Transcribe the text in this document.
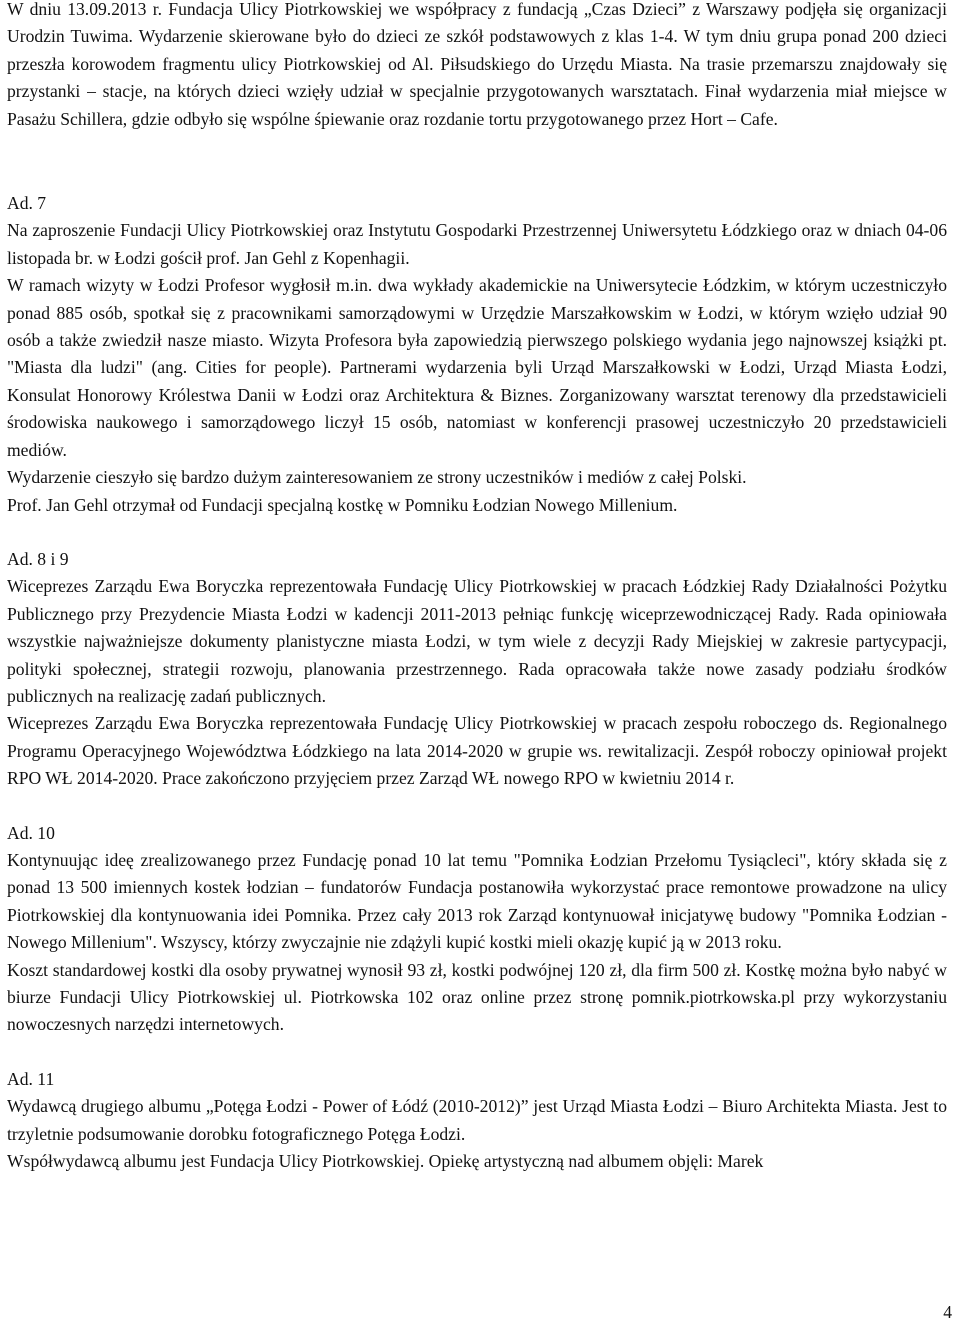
W dniu 13.09.2013 r. Fundacja Ulicy Piotrkowskiej we współpracy z fundacją „Czas Dzieci” z Warszawy podjęła się organizacji Urodzin Tuwima. Wydarzenie skierowane było do dzieci ze szkół podstawowych z klas 1-4. W tym dniu grupa ponad 200 dzieci przeszła korowodem fragmentu ulicy Piotrkowskiej od Al. Piłsudskiego do Urzędu Miasta. Na trasie przemarszu znajdowały się przystanki – stacje, na których dzieci wzięły udział w specjalnie przygotowanych warsztatach. Finał wydarzenia miał miejsce w Pasażu Schillera, gdzie odbyło się wspólne śpiewanie oraz rozdanie tortu przygotowanego przez Hort – Cafe.

Ad. 7

Na zaproszenie Fundacji Ulicy Piotrkowskiej oraz Instytutu Gospodarki Przestrzennej Uniwersytetu Łódzkiego oraz w dniach 04-06 listopada br. w Łodzi gościł prof. Jan Gehl z Kopenhagii.

W ramach wizyty w Łodzi Profesor wygłosił m.in. dwa wykłady akademickie na Uniwersytecie Łódzkim, w którym uczestniczyło ponad 885 osób, spotkał się z pracownikami samorządowymi w Urzędzie Marszałkowskim w Łodzi, w którym wzięło udział 90 osób a także zwiedził nasze miasto. Wizyta Profesora była zapowiedzią pierwszego polskiego wydania jego najnowszej książki pt. "Miasta dla ludzi" (ang. Cities for people). Partnerami wydarzenia byli Urząd Marszałkowski w Łodzi, Urząd Miasta Łodzi, Konsulat Honorowy Królestwa Danii w Łodzi oraz Architektura & Biznes. Zorganizowany warsztat terenowy dla przedstawicieli środowiska naukowego i samorządowego liczył 15 osób, natomiast w konferencji prasowej uczestniczyło 20 przedstawicieli mediów.

Wydarzenie cieszyło się bardzo dużym zainteresowaniem ze strony uczestników i mediów z całej Polski.

Prof. Jan Gehl otrzymał od Fundacji specjalną kostkę w Pomniku Łodzian Nowego Millenium.

Ad. 8 i 9

Wiceprezes Zarządu Ewa Boryczka reprezentowała Fundację Ulicy Piotrkowskiej w pracach Łódzkiej Rady Działalności Pożytku Publicznego przy Prezydencie Miasta Łodzi w kadencji 2011-2013 pełniąc funkcję wiceprzewodniczącej Rady. Rada opiniowała wszystkie najważniejsze dokumenty planistyczne miasta Łodzi, w tym wiele z decyzji Rady Miejskiej w zakresie partycypacji, polityki społecznej, strategii rozwoju, planowania przestrzennego. Rada opracowała także nowe zasady podziału środków publicznych na realizację zadań publicznych.

Wiceprezes Zarządu Ewa Boryczka reprezentowała Fundację Ulicy Piotrkowskiej w pracach zespołu roboczego ds. Regionalnego Programu Operacyjnego Województwa Łódzkiego na lata 2014-2020 w grupie ws. rewitalizacji. Zespół roboczy opiniował projekt RPO WŁ 2014-2020. Prace zakończono przyjęciem przez Zarząd WŁ nowego RPO w kwietniu 2014 r.

Ad. 10

Kontynuując ideę zrealizowanego przez Fundację ponad 10 lat temu "Pomnika Łodzian Przełomu Tysiącleci", który składa się z ponad 13 500 imiennych kostek łodzian – fundatorów Fundacja postanowiła wykorzystać prace remontowe prowadzone na ulicy Piotrkowskiej dla kontynuowania idei Pomnika. Przez cały 2013 rok Zarząd kontynuował inicjatywę budowy "Pomnika Łodzian - Nowego Millenium". Wszyscy, którzy zwyczajnie nie zdążyli kupić kostki mieli okazję kupić ją w 2013 roku.

Koszt standardowej kostki dla osoby prywatnej wynosił 93 zł, kostki podwójnej 120 zł, dla firm 500 zł. Kostkę można było nabyć w biurze Fundacji Ulicy Piotrkowskiej ul. Piotrkowska 102 oraz online przez stronę pomnik.piotrkowska.pl przy wykorzystaniu nowoczesnych narzędzi internetowych.

Ad. 11

Wydawcą drugiego albumu „Potęga Łodzi - Power of Łódź (2010-2012)” jest Urząd Miasta Łodzi – Biuro Architekta Miasta. Jest to trzyletnie podsumowanie dorobku fotograficznego Potęga Łodzi.

Współwydawcą albumu jest Fundacja Ulicy Piotrkowskiej. Opiekę artystyczną nad albumem objęli: Marek

4
